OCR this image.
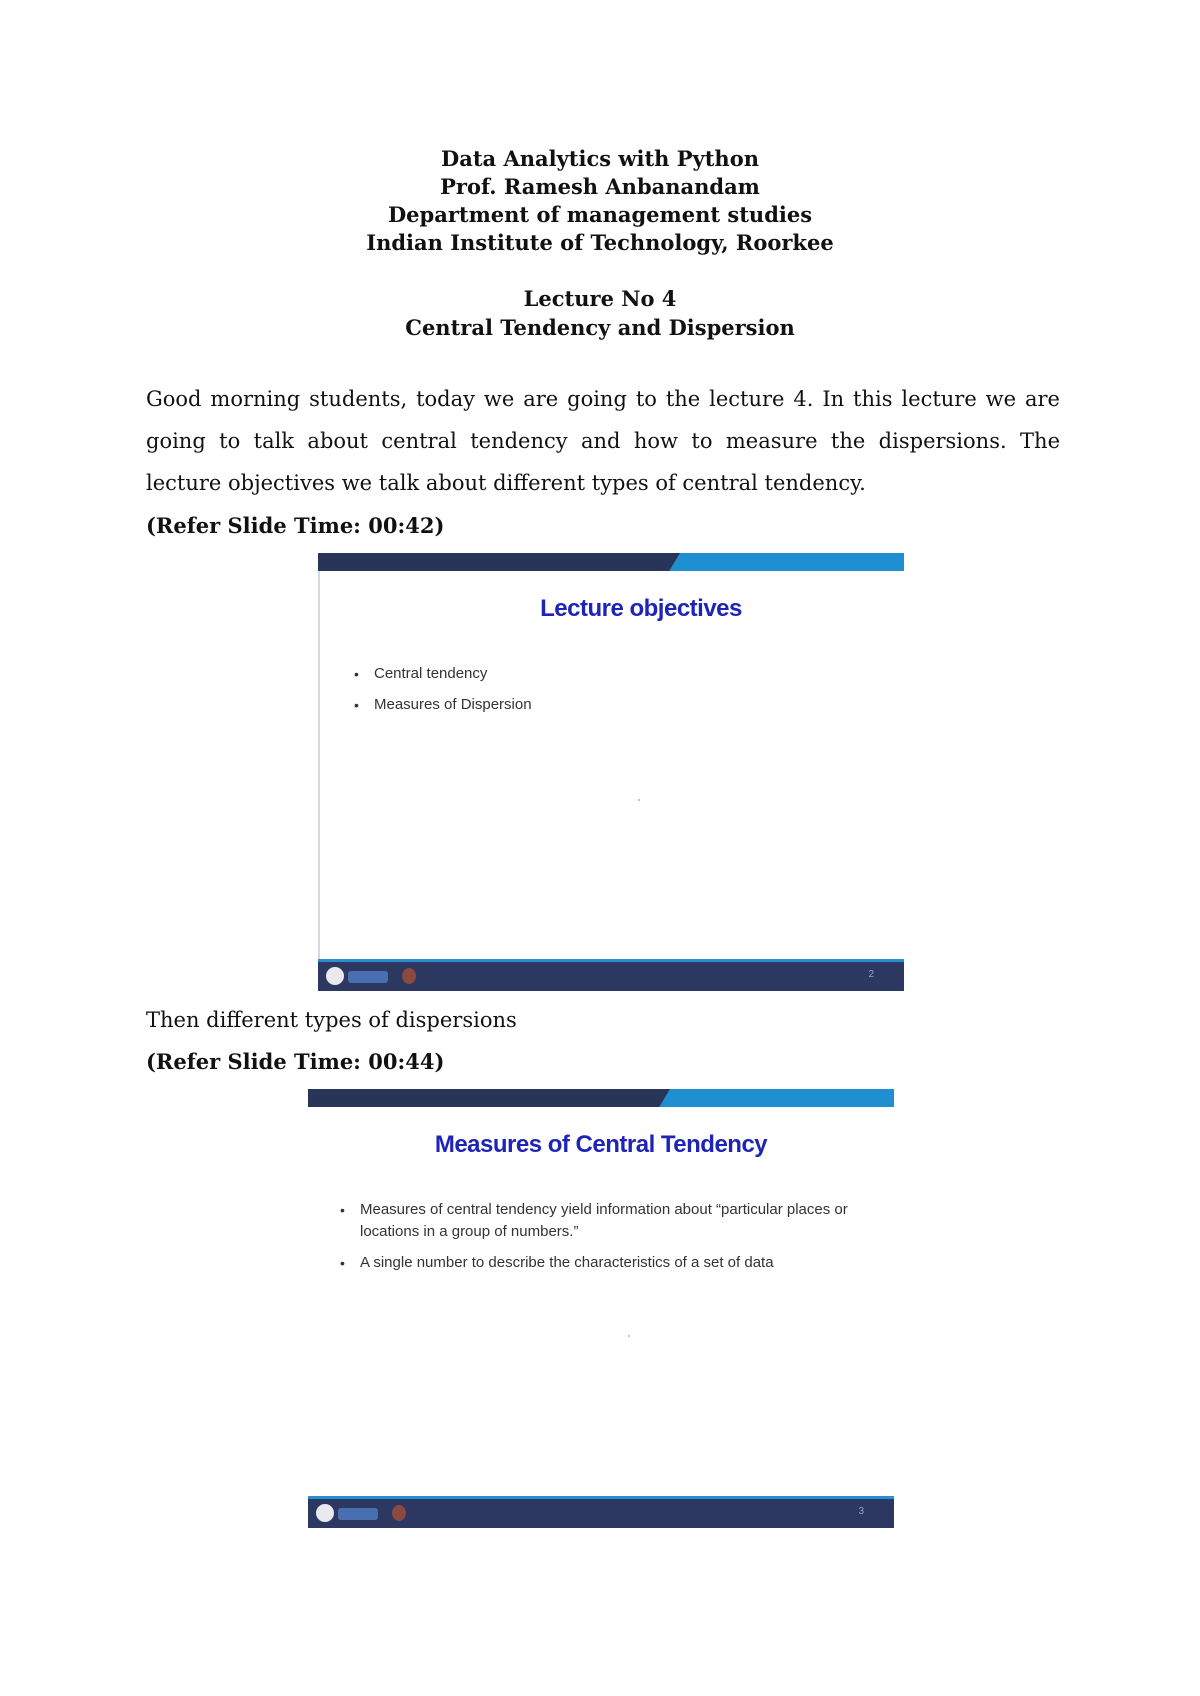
Data Analytics with Python
Prof. Ramesh Anbanandam
Department of management studies
Indian Institute of Technology, Roorkee
Lecture No 4
Central Tendency and Dispersion

Good morning students, today we are going to the lecture 4. In this lecture we are going to talk about central tendency and how to measure the dispersions. The lecture objectives we talk about different types of central tendency.

(Refer Slide Time: 00:42)
Lecture objectives
• Central tendency
• Measures of Dispersion
2
Then different types of dispersions
(Refer Slide Time: 00:44)
Measures of Central Tendency
• Measures of central tendency yield information about “particular places or locations in a group of numbers.”
• A single number to describe the characteristics of a set of data
3
